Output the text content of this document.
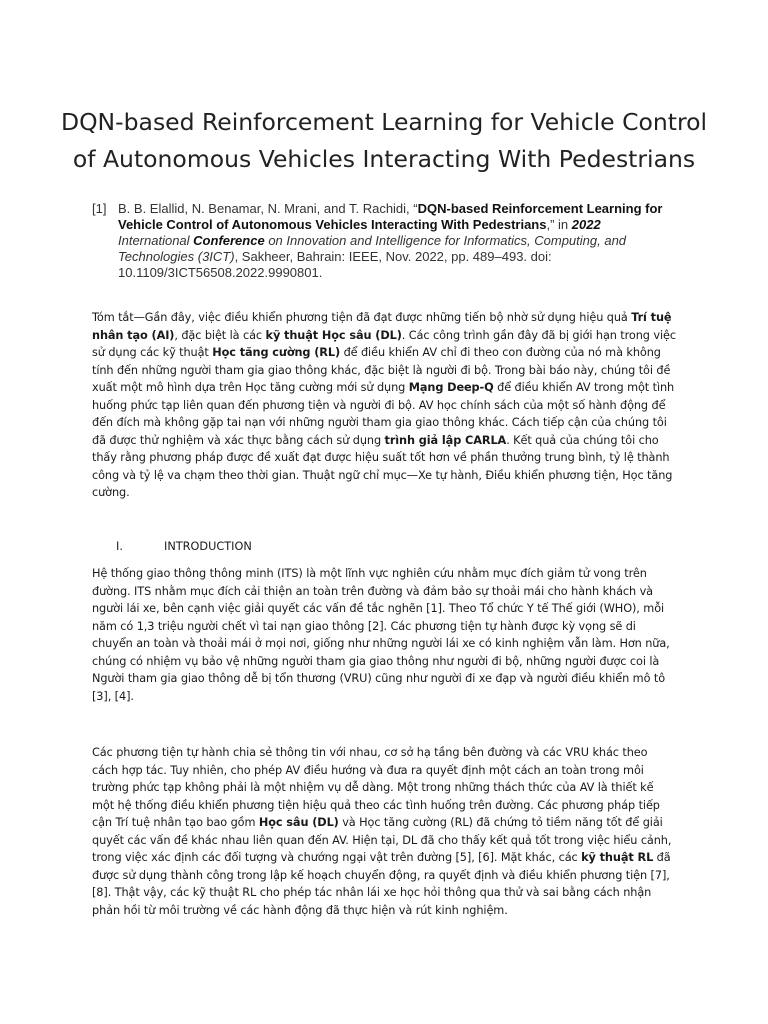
DQN-based Reinforcement Learning for Vehicle Control of Autonomous Vehicles Interacting With Pedestrians
[1] B. B. Elallid, N. Benamar, N. Mrani, and T. Rachidi, “DQN-based Reinforcement Learning for Vehicle Control of Autonomous Vehicles Interacting With Pedestrians,” in 2022 International Conference on Innovation and Intelligence for Informatics, Computing, and Technologies (3ICT), Sakheer, Bahrain: IEEE, Nov. 2022, pp. 489–493. doi: 10.1109/3ICT56508.2022.9990801.
Tóm tắt—Gần đây, việc điều khiển phương tiện đã đạt được những tiến bộ nhờ sử dụng hiệu quả Trí tuệ nhân tạo (AI), đặc biệt là các kỹ thuật Học sâu (DL). Các công trình gần đây đã bị giới hạn trong việc sử dụng các kỹ thuật Học tăng cường (RL) để điều khiển AV chỉ đi theo con đường của nó mà không tính đến những người tham gia giao thông khác, đặc biệt là người đi bộ. Trong bài báo này, chúng tôi đề xuất một mô hình dựa trên Học tăng cường mới sử dụng Mạng Deep-Q để điều khiển AV trong một tình huống phức tạp liên quan đến phương tiện và người đi bộ. AV học chính sách của một số hành động để đến đích mà không gặp tai nạn với những người tham gia giao thông khác. Cách tiếp cận của chúng tôi đã được thử nghiệm và xác thực bằng cách sử dụng trình giả lập CARLA. Kết quả của chúng tôi cho thấy rằng phương pháp được đề xuất đạt được hiệu suất tốt hơn về phần thưởng trung bình, tỷ lệ thành công và tỷ lệ va chạm theo thời gian. Thuật ngữ chỉ mục—Xe tự hành, Điều khiển phương tiện, Học tăng cường.
I.	INTRODUCTION
Hệ thống giao thông thông minh (ITS) là một lĩnh vực nghiên cứu nhằm mục đích giảm tử vong trên đường. ITS nhằm mục đích cải thiện an toàn trên đường và đảm bảo sự thoải mái cho hành khách và người lái xe, bên cạnh việc giải quyết các vấn đề tắc nghẽn [1]. Theo Tổ chức Y tế Thế giới (WHO), mỗi năm có 1,3 triệu người chết vì tai nạn giao thông [2]. Các phương tiện tự hành được kỳ vọng sẽ di chuyển an toàn và thoải mái ở mọi nơi, giống như những người lái xe có kinh nghiệm vẫn làm. Hơn nữa, chúng có nhiệm vụ bảo vệ những người tham gia giao thông như người đi bộ, những người được coi là Người tham gia giao thông dễ bị tổn thương (VRU) cũng như người đi xe đạp và người điều khiển mô tô [3], [4].
Các phương tiện tự hành chia sẻ thông tin với nhau, cơ sở hạ tầng bên đường và các VRU khác theo cách hợp tác. Tuy nhiên, cho phép AV điều hướng và đưa ra quyết định một cách an toàn trong môi trường phức tạp không phải là một nhiệm vụ dễ dàng. Một trong những thách thức của AV là thiết kế một hệ thống điều khiển phương tiện hiệu quả theo các tình huống trên đường. Các phương pháp tiếp cận Trí tuệ nhân tạo bao gồm Học sâu (DL) và Học tăng cường (RL) đã chứng tỏ tiềm năng tốt để giải quyết các vấn đề khác nhau liên quan đến AV. Hiện tại, DL đã cho thấy kết quả tốt trong việc hiểu cảnh, trong việc xác định các đối tượng và chướng ngại vật trên đường [5], [6]. Mặt khác, các kỹ thuật RL đã được sử dụng thành công trong lập kế hoạch chuyển động, ra quyết định và điều khiển phương tiện [7], [8]. Thật vậy, các kỹ thuật RL cho phép tác nhân lái xe học hỏi thông qua thử và sai bằng cách nhận phản hồi từ môi trường về các hành động đã thực hiện và rút kinh nghiệm.
